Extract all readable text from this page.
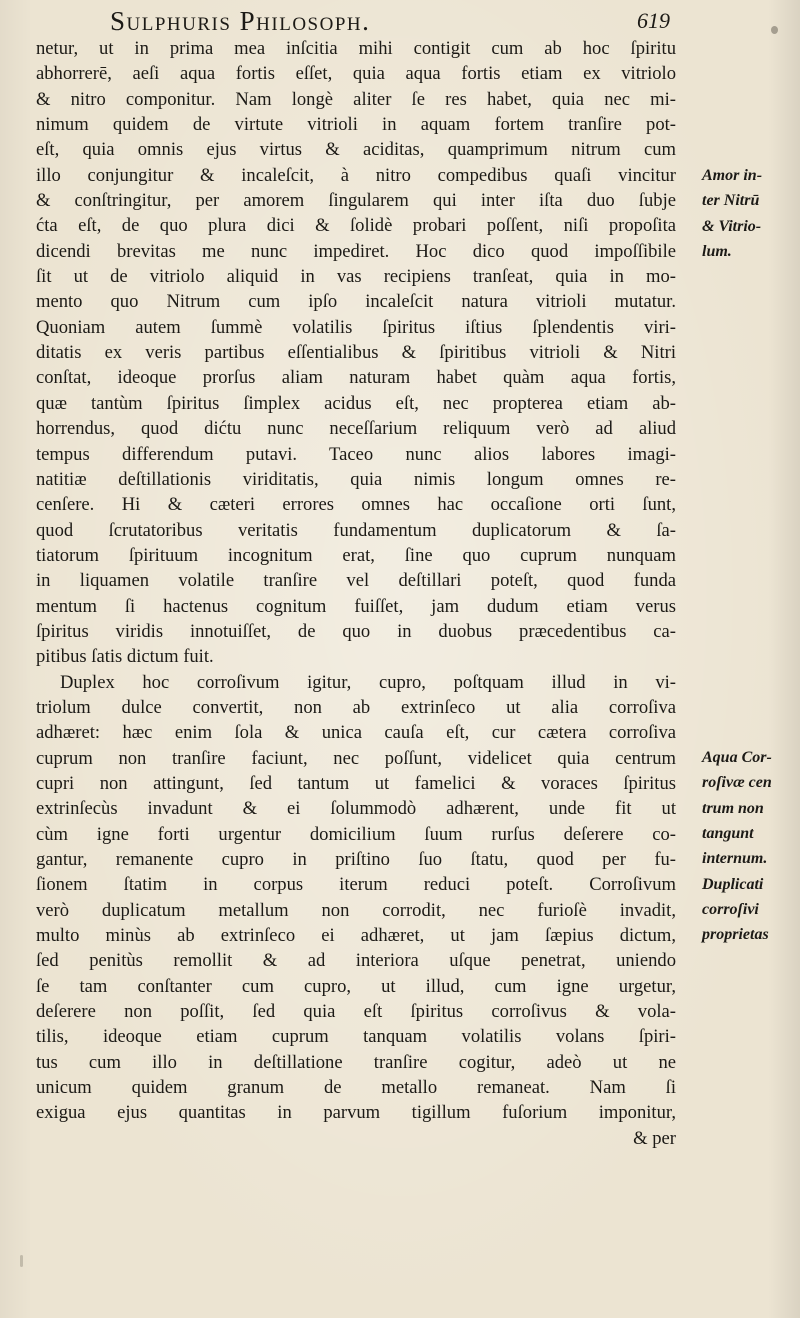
Sulphuris Philosoph.	619
netur, ut in prima mea inſcitia mihi contigit cum ab hoc ſpiritu
abhorrerē, aeſi aqua fortis eſſet, quia aqua fortis etiam ex vitriolo
& nitro componitur. Nam longè aliter ſe res habet, quia nec mi-
nimum quidem de virtute vitrioli in aquam fortem tranſire pot-
eſt, quia omnis ejus virtus & aciditas, quamprimum nitrum cum
illo conjungitur & incaleſcit, à nitro compedibus quaſi vincitur
& conſtringitur, per amorem ſingularem qui inter iſta duo ſubje
ćta eſt, de quo plura dici & ſolidè probari poſſent, niſi propoſita
dicendi brevitas me nunc impediret. Hoc dico quod impoſſibile
ſit ut de vitriolo aliquid in vas recipiens tranſeat, quia in mo-
mento quo Nitrum cum ipſo incaleſcit natura vitrioli mutatur.
Quoniam autem ſummè volatilis ſpiritus iſtius ſplendentis viri-
ditatis ex veris partibus eſſentialibus & ſpiritibus vitrioli & Nitri
conſtat, ideoque prorſus aliam naturam habet quàm aqua fortis,
quæ tantùm ſpiritus ſimplex acidus eſt, nec propterea etiam ab-
horrendus, quod dićtu nunc neceſſarium reliquum verò ad aliud
tempus differendum putavi. Taceo nunc alios labores imagi-
natitiæ deſtillationis viriditatis, quia nimis longum omnes re-
cenſere. Hi & cæteri errores omnes hac occaſione orti ſunt,
quod ſcrutatoribus veritatis fundamentum duplicatorum & ſa-
tiatorum ſpirituum incognitum erat, ſine quo cuprum nunquam
in liquamen volatile tranſire vel deſtillari poteſt, quod funda
mentum ſi hactenus cognitum fuiſſet, jam dudum etiam verus
ſpiritus viridis innotuiſſet, de quo in duobus præcedentibus ca-
pitibus ſatis dictum fuit.
Duplex hoc corroſivum igitur, cupro, poſtquam illud in vi-
triolum dulce convertit, non ab extrinſeco ut alia corroſiva
adhæret: hæc enim ſola & unica cauſa eſt, cur cætera corroſiva
cuprum non tranſire faciunt, nec poſſunt, videlicet quia centrum
cupri non attingunt, ſed tantum ut famelici & voraces ſpiritus
extrinſecùs invadunt & ei ſolummodò adhærent, unde fit ut
cùm igne forti urgentur domicilium ſuum rurſus deſerere co-
gantur, remanente cupro in priſtino ſuo ſtatu, quod per fu-
ſionem ſtatim in corpus iterum reduci poteſt. Corroſivum
verò duplicatum metallum non corrodit, nec furioſè invadit,
multo minùs ab extrinſeco ei adhæret, ut jam ſæpius dictum,
ſed penitùs remollit & ad interiora uſque penetrat, uniendo
ſe tam conſtanter cum cupro, ut illud, cum igne urgetur,
deſerere non poſſit, ſed quia eſt ſpiritus corroſivus & vola-
tilis, ideoque etiam cuprum tanquam volatilis volans ſpiri-
tus cum illo in deſtillatione tranſire cogitur, adeò ut ne
unicum quidem granum de metallo remaneat. Nam ſi
exigua ejus quantitas in parvum tigillum fuſorium imponitur,
& per
Amor in-
ter Nitrū
& Vitrio-
lum.
Aqua Cor-
roſivæ cen
trum non
tangunt
internum.
Duplicati
corroſivi
proprietas
